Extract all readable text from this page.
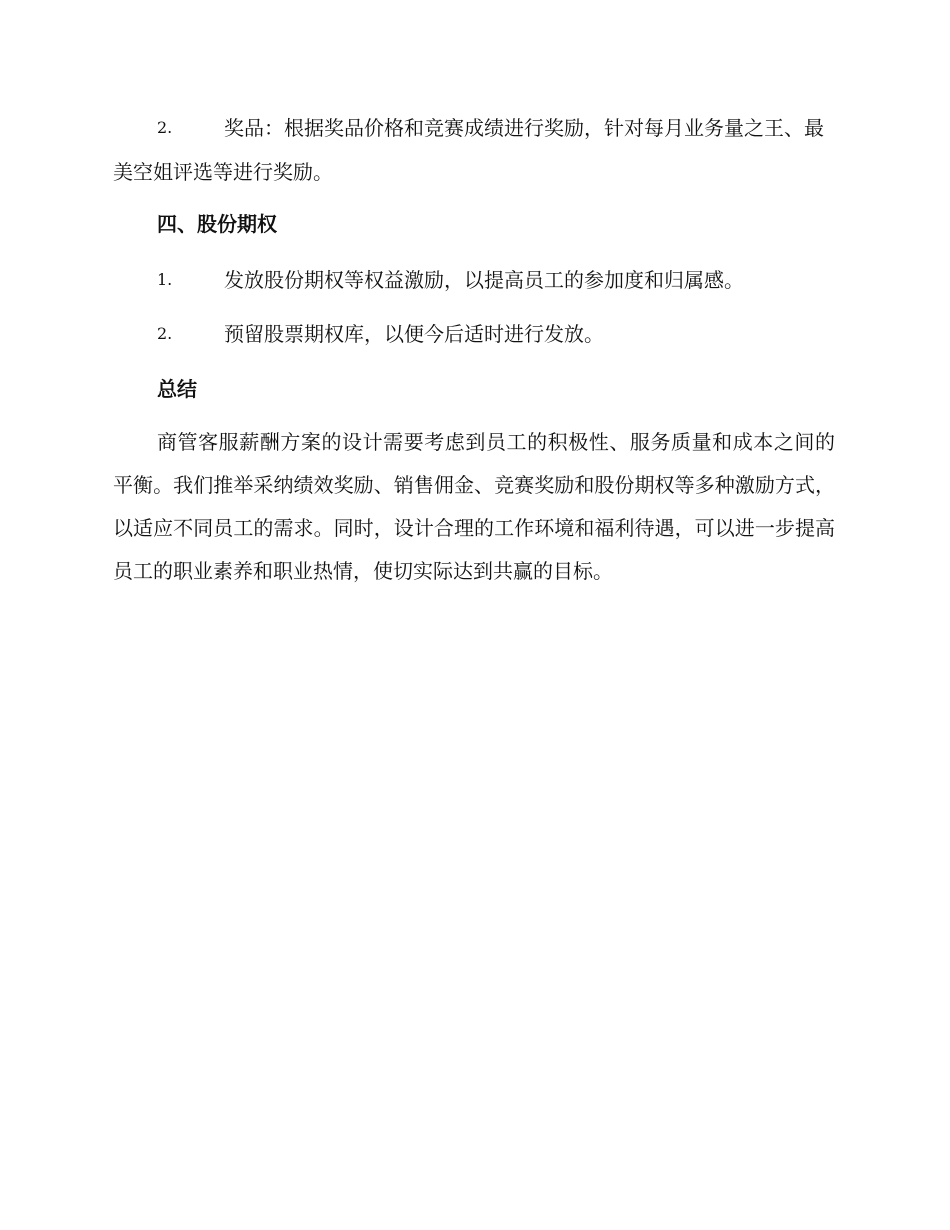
2.	奖品：根据奖品价格和竞赛成绩进行奖励，针对每月业务量之王、最美空姐评选等进行奖励。
四、股份期权
1.	发放股份期权等权益激励，以提高员工的参加度和归属感。
2.	预留股票期权库，以便今后适时进行发放。
总结
商管客服薪酬方案的设计需要考虑到员工的积极性、服务质量和成本之间的平衡。我们推举采纳绩效奖励、销售佣金、竞赛奖励和股份期权等多种激励方式，以适应不同员工的需求。同时，设计合理的工作环境和福利待遇，可以进一步提高员工的职业素养和职业热情，使切实际达到共赢的目标。
